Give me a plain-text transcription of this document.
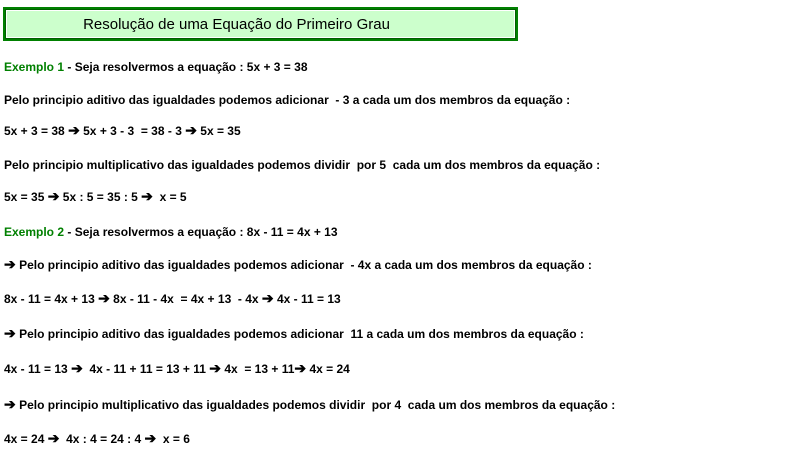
Resolução de uma Equação do Primeiro Grau
Exemplo 1 - Seja resolvermos a equação : 5x + 3 = 38
Pelo principio aditivo das igualdades podemos adicionar  - 3 a cada um dos membros da equação :
5x + 3 = 38 ➔ 5x + 3 - 3  = 38 - 3 ➔ 5x = 35
Pelo principio multiplicativo das igualdades podemos dividir  por 5  cada um dos membros da equação :
5x = 35 ➔ 5x : 5 = 35 : 5 ➔  x = 5
Exemplo 2 - Seja resolvermos a equação : 8x - 11 = 4x + 13
➔ Pelo principio aditivo das igualdades podemos adicionar  - 4x a cada um dos membros da equação :
8x - 11 = 4x + 13 ➔ 8x - 11 - 4x  = 4x + 13  - 4x ➔ 4x - 11 = 13
➔ Pelo principio aditivo das igualdades podemos adicionar  11 a cada um dos membros da equação :
4x - 11 = 13 ➔  4x - 11 + 11 = 13 + 11 ➔ 4x  = 13 + 11➔ 4x = 24
➔ Pelo principio multiplicativo das igualdades podemos dividir  por 4  cada um dos membros da equação :
4x = 24 ➔  4x : 4 = 24 : 4 ➔  x = 6
